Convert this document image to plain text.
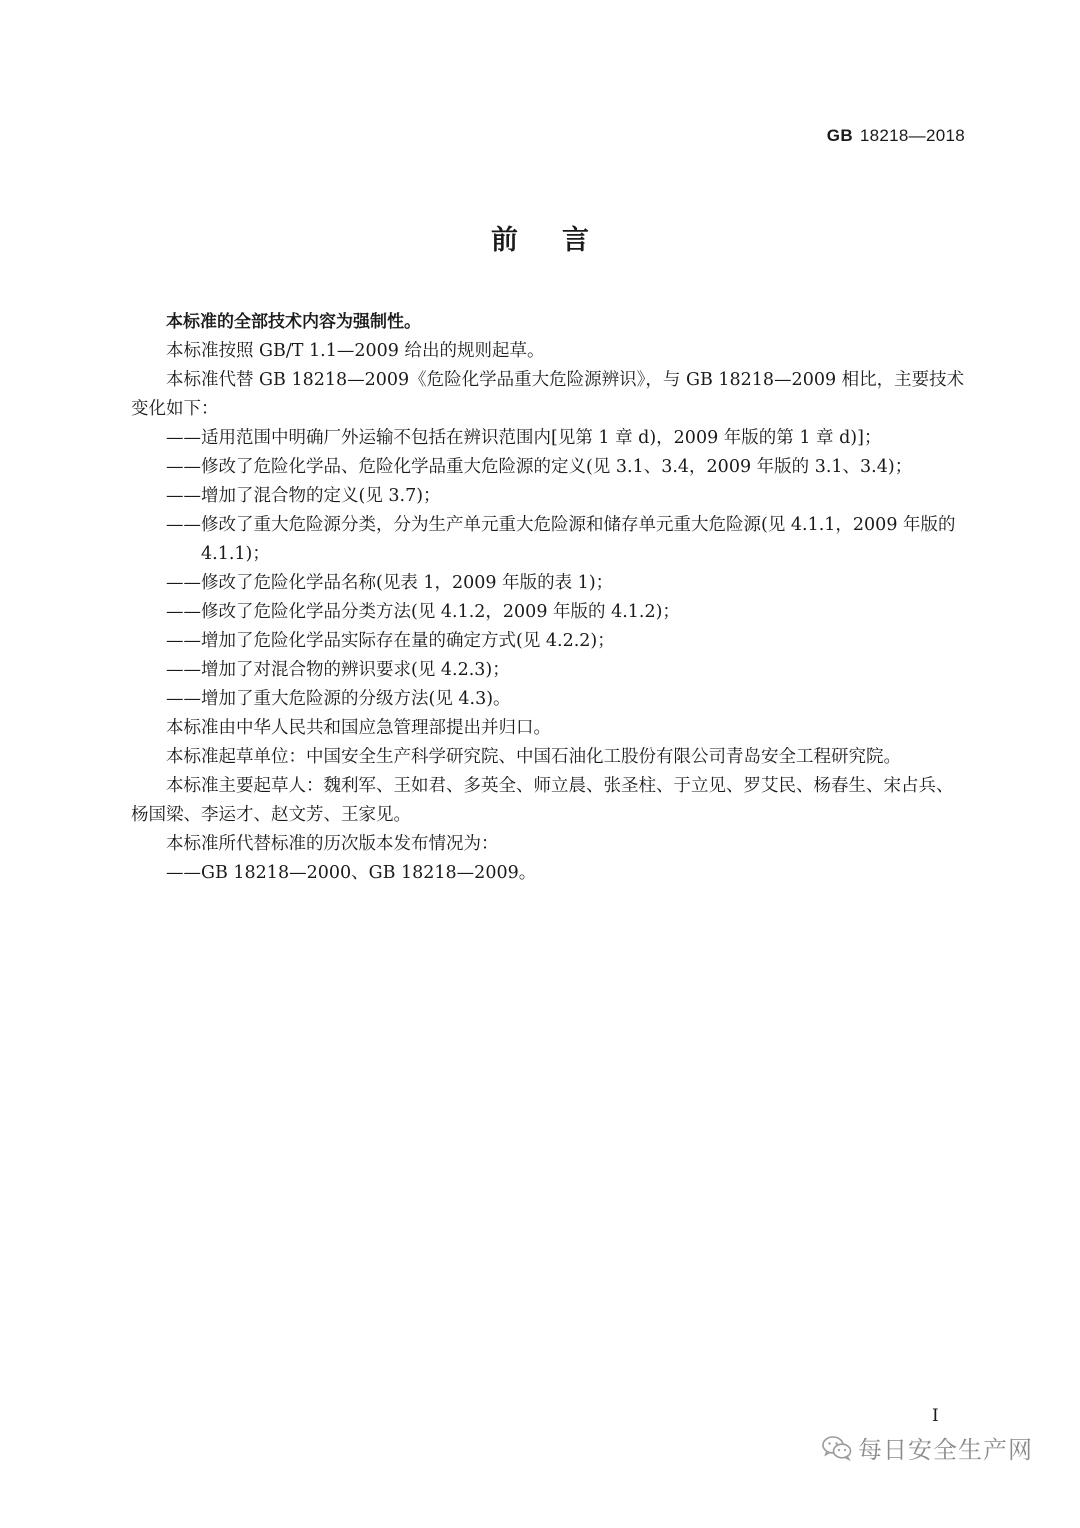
GB 18218—2018
前言

本标准的全部技术内容为强制性。

本标准按照 GB/T 1.1—2009 给出的规则起草。

本标准代替 GB 18218—2009《危险化学品重大危险源辨识》，与 GB 18218—2009 相比，主要技术变化如下：

——适用范围中明确厂外运输不包括在辨识范围内[见第 1 章 d)，2009 年版的第 1 章 d)]；

——修改了危险化学品、危险化学品重大危险源的定义(见 3.1、3.4，2009 年版的 3.1、3.4)；

——增加了混合物的定义(见 3.7)；

——修改了重大危险源分类，分为生产单元重大危险源和储存单元重大危险源(见 4.1.1，2009 年版的 4.1.1)；

——修改了危险化学品名称(见表 1，2009 年版的表 1)；

——修改了危险化学品分类方法(见 4.1.2，2009 年版的 4.1.2)；

——增加了危险化学品实际存在量的确定方式(见 4.2.2)；

——增加了对混合物的辨识要求(见 4.2.3)；

——增加了重大危险源的分级方法(见 4.3)。

本标准由中华人民共和国应急管理部提出并归口。

本标准起草单位：中国安全生产科学研究院、中国石油化工股份有限公司青岛安全工程研究院。

本标准主要起草人：魏利军、王如君、多英全、师立晨、张圣柱、于立见、罗艾民、杨春生、宋占兵、杨国梁、李运才、赵文芳、王家见。

本标准所代替标准的历次版本发布情况为：

——GB 18218—2000、GB 18218—2009。

I
每日安全生产网
